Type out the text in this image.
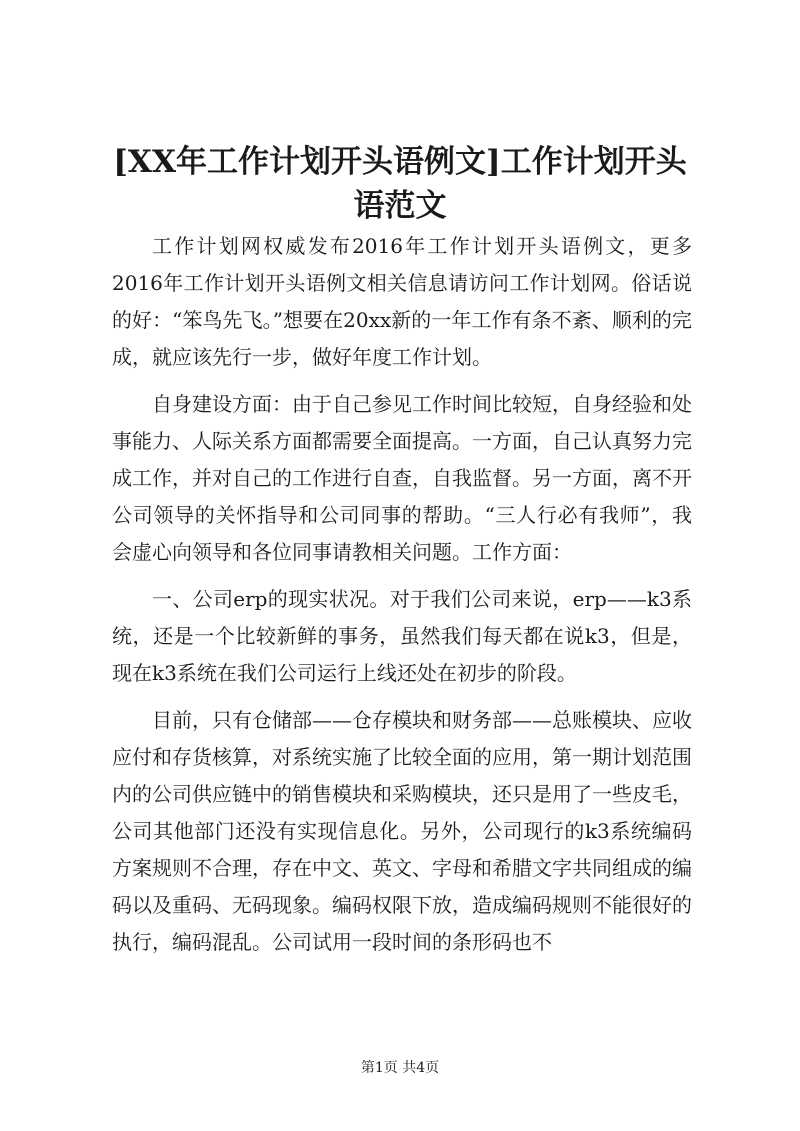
[XX年工作计划开头语例文]工作计划开头语范文

工作计划网权威发布2016年工作计划开头语例文，更多2016年工作计划开头语例文相关信息请访问工作计划网。俗话说的好：“笨鸟先飞。”想要在20xx新的一年工作有条不紊、顺利的完成，就应该先行一步，做好年度工作计划。

自身建设方面：由于自己参见工作时间比较短，自身经验和处事能力、人际关系方面都需要全面提高。一方面，自己认真努力完成工作，并对自己的工作进行自查，自我监督。另一方面，离不开公司领导的关怀指导和公司同事的帮助。“三人行必有我师”，我会虚心向领导和各位同事请教相关问题。工作方面：

一、公司erp的现实状况。对于我们公司来说，erp——k3系统，还是一个比较新鲜的事务，虽然我们每天都在说k3，但是，现在k3系统在我们公司运行上线还处在初步的阶段。

目前，只有仓储部——仓存模块和财务部——总账模块、应收应付和存货核算，对系统实施了比较全面的应用，第一期计划范围内的公司供应链中的销售模块和采购模块，还只是用了一些皮毛，公司其他部门还没有实现信息化。另外，公司现行的k3系统编码方案规则不合理，存在中文、英文、字母和希腊文字共同组成的编码以及重码、无码现象。编码权限下放，造成编码规则不能很好的执行，编码混乱。公司试用一段时间的条形码也不

第1页 共4页
